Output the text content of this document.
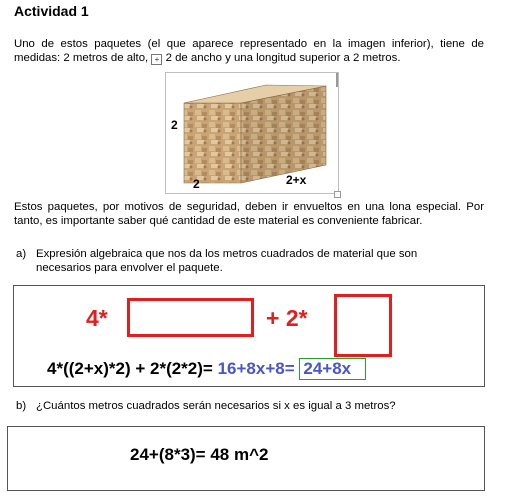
Actividad 1
Uno de estos paquetes (el que aparece representado en la imagen inferior), tiene de medidas: 2 metros de alto, + 2 de ancho y una longitud superior a 2 metros.
2
2	2+x
Estos paquetes, por motivos de seguridad, deben ir envueltos en una lona especial. Por tanto, es importante saber qué cantidad de este material es conveniente fabricar.
a) Expresión algebraica que nos da los metros cuadrados de material que son necesarios para envolver el paquete.
4*	+ 2*
4*((2+x)*2) + 2*(2*2)= 16+8x+8= 24+8x
b) ¿Cuántos metros cuadrados serán necesarios si x es igual a 3 metros?
24+(8*3)= 48 m^2
